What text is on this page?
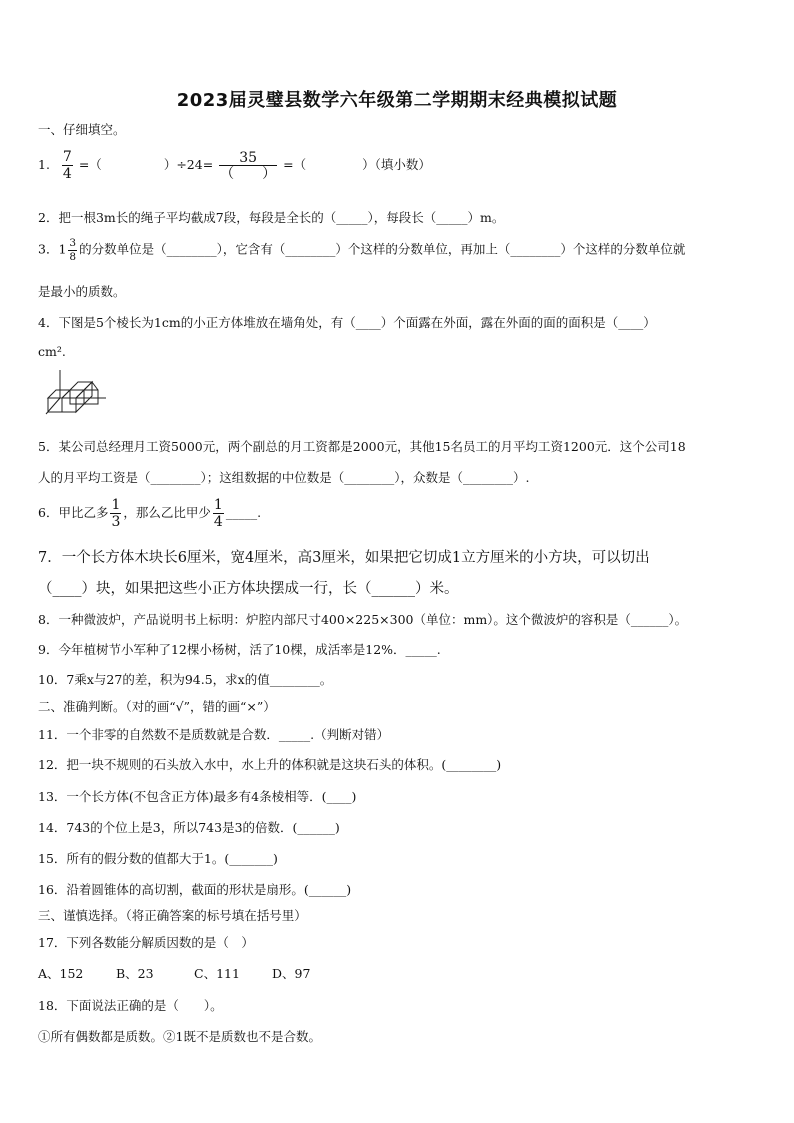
2023届灵璧县数学六年级第二学期期末经典模拟试题
一、仔细填空。
1. $\frac{7}{4}$ =（	）$\div 24= \frac{35}{( )}$ =（	）（填小数）
2．把一根3m长的绳子平均截成7段，每段是全长的（_____），每段长（_____）m。
3．$1 \frac{3}{8}$ 的分数单位是（________），它含有（________）个这样的分数单位，再加上（________）个这样的分数单位就
是最小的质数。
4．下图是5个棱长为1cm的小正方体堆放在墙角处，有（____）个面露在外面，露在外面的面的面积是（____）
cm².
5．某公司总经理月工资5000元，两个副总的月工资都是2000元，其他15名员工的月平均工资1200元．这个公司18
人的月平均工资是（________）；这组数据的中位数是（________），众数是（________）.
6．甲比乙多 $\frac{1}{3}$ ，那么乙比甲少 $\frac{1}{4}$ _____.
7．一个长方体木块长6厘米，宽4厘米，高3厘米，如果把它切成1立方厘米的小方块，可以切出
（____）块，如果把这些小正方体块摆成一行，长（______）米。
8．一种微波炉，产品说明书上标明：炉腔内部尺寸400×225×300（单位：mm）。这个微波炉的容积是（______）。
9．今年植树节小军种了12棵小杨树，活了10棵，成活率是12%．_____.
10．7乘x与27的差，积为94.5，求x的值________。
二、准确判断。（对的画“√”，错的画“×”）
11．一个非零的自然数不是质数就是合数．_____.（判断对错）
12．把一块不规则的石头放入水中，水上升的体积就是这块石头的体积。(________)
13．一个长方体(不包含正方体)最多有4条棱相等．(____)
14．743的个位上是3，所以743是3的倍数．(______)
15．所有的假分数的值都大于1。(_______)
16．沿着圆锥体的高切割，截面的形状是扇形。(______)
三、谨慎选择。（将正确答案的标号填在括号里）
17．下列各数能分解质因数的是（　）
A、152	B、23	C、111	D、97
18．下面说法正确的是（　　）。
①所有偶数都是质数。②1既不是质数也不是合数。
